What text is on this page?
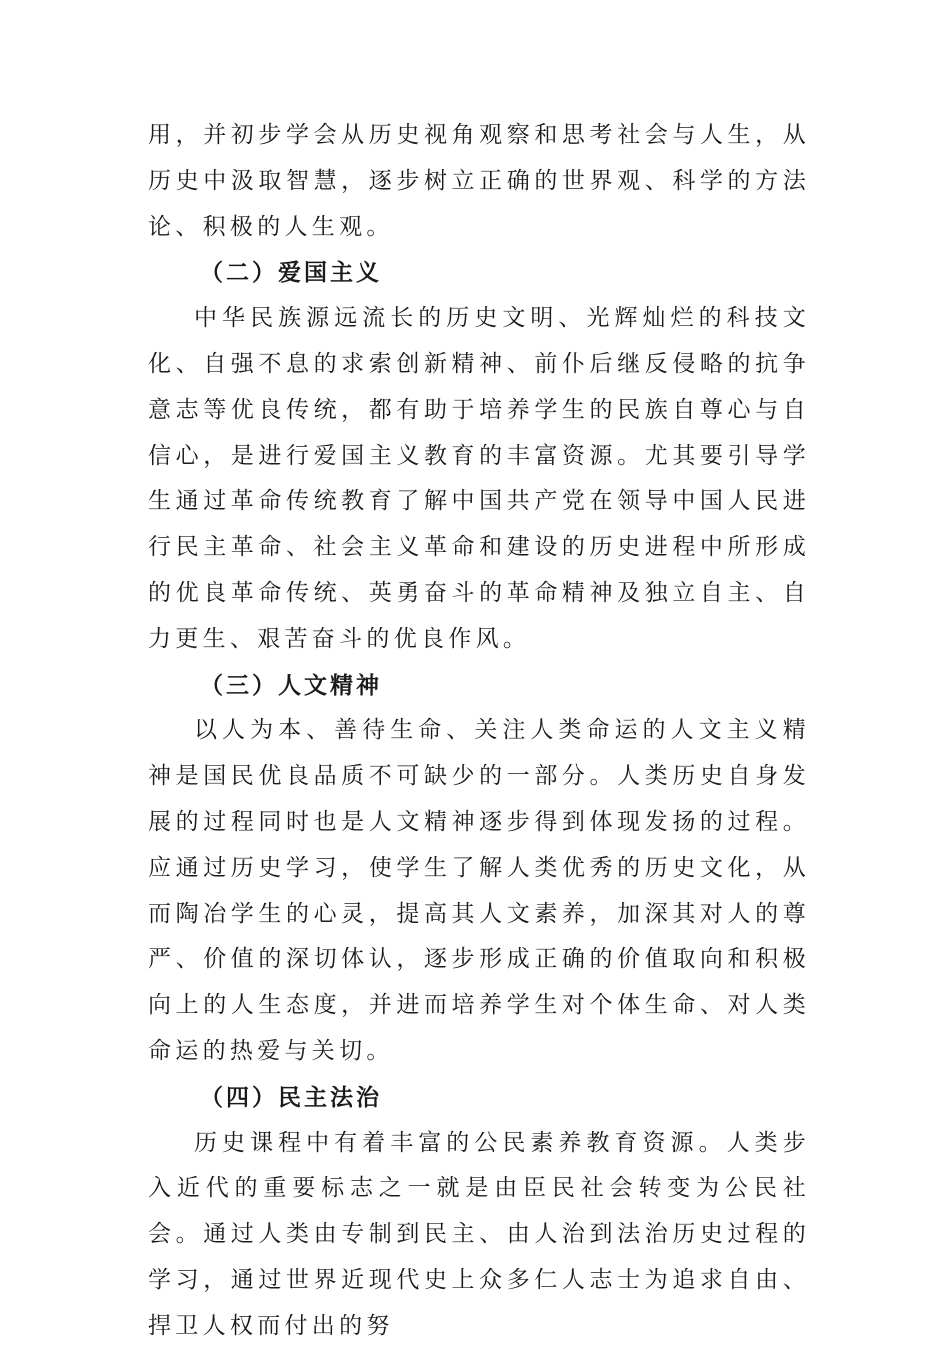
用，并初步学会从历史视角观察和思考社会与人生，从历史中汲取智慧，逐步树立正确的世界观、科学的方法论、积极的人生观。

（二）爱国主义

中华民族源远流长的历史文明、光辉灿烂的科技文化、自强不息的求索创新精神、前仆后继反侵略的抗争意志等优良传统，都有助于培养学生的民族自尊心与自信心，是进行爱国主义教育的丰富资源。尤其要引导学生通过革命传统教育了解中国共产党在领导中国人民进行民主革命、社会主义革命和建设的历史进程中所形成的优良革命传统、英勇奋斗的革命精神及独立自主、自力更生、艰苦奋斗的优良作风。

（三）人文精神

以人为本、善待生命、关注人类命运的人文主义精神是国民优良品质不可缺少的一部分。人类历史自身发展的过程同时也是人文精神逐步得到体现发扬的过程。应通过历史学习，使学生了解人类优秀的历史文化，从而陶冶学生的心灵，提高其人文素养，加深其对人的尊严、价值的深切体认，逐步形成正确的价值取向和积极向上的人生态度，并进而培养学生对个体生命、对人类命运的热爱与关切。

（四）民主法治

历史课程中有着丰富的公民素养教育资源。人类步入近代的重要标志之一就是由臣民社会转变为公民社会。通过人类由专制到民主、由人治到法治历史过程的学习，通过世界近现代史上众多仁人志士为追求自由、捍卫人权而付出的努
